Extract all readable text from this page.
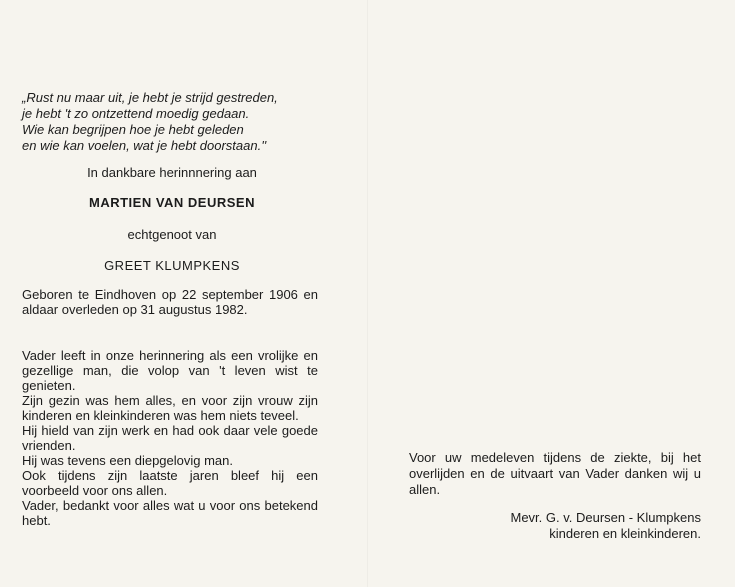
„Rust nu maar uit, je hebt je strijd gestreden,
je hebt 't zo ontzettend moedig gedaan.
Wie kan begrijpen hoe je hebt geleden
en wie kan voelen, wat je hebt doorstaan.''
In dankbare herinnnering aan
MARTIEN VAN DEURSEN
echtgenoot van
GREET KLUMPKENS

Geboren te Eindhoven op 22 september 1906 en aldaar overleden op 31 augustus 1982.

Vader leeft in onze herinnering als een vrolijke en gezellige man, die volop van 't leven wist te genieten.
Zijn gezin was hem alles, en voor zijn vrouw zijn kinderen en kleinkinderen was hem niets teveel.
Hij hield van zijn werk en had ook daar vele goede vrienden.
Hij was tevens een diepgelovig man.
Ook tijdens zijn laatste jaren bleef hij een voorbeeld voor ons allen.
Vader, bedankt voor alles wat u voor ons betekend hebt.

Voor uw medeleven tijdens de ziekte, bij het overlijden en de uitvaart van Vader danken wij u allen.

Mevr. G. v. Deursen - Klumpkens
kinderen en kleinkinderen.
